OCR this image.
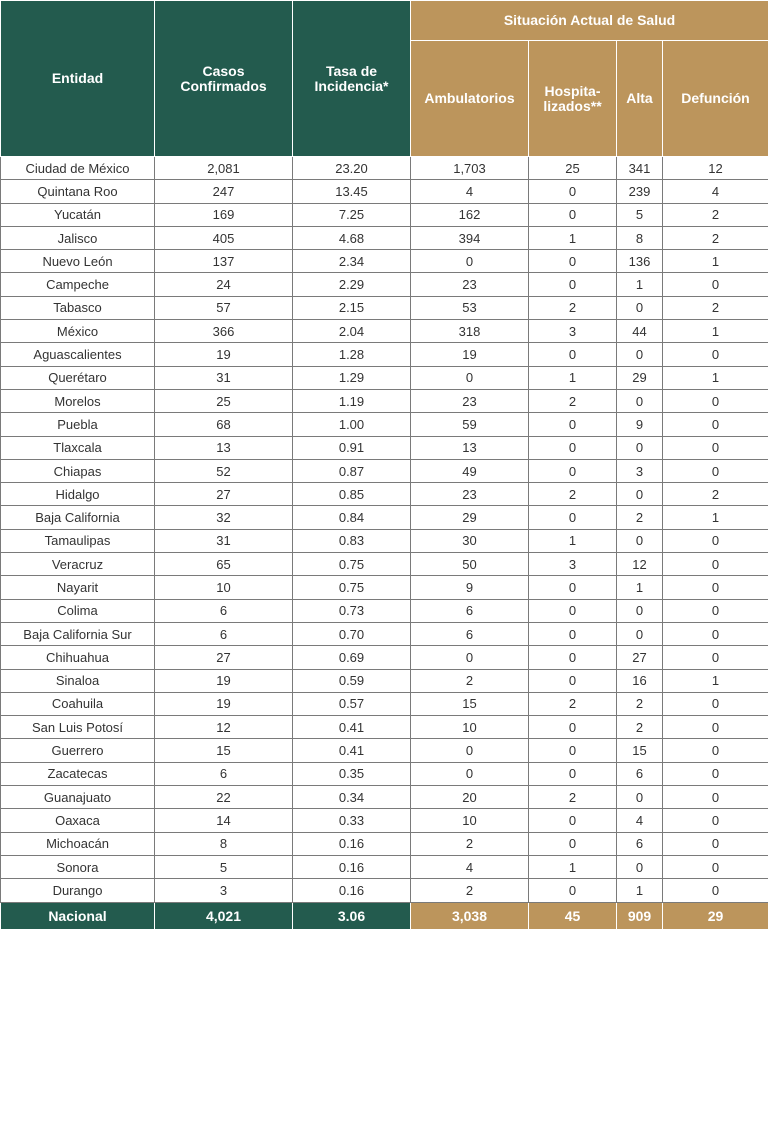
Entidad	Casos Confirmados	Tasa de Incidencia*	Situación Actual de Salud			
			Ambulatorios	Hospita-lizados**	Alta	Defunción
Ciudad de México	2,081	23.20	1,703	25	341	12
Quintana Roo	247	13.45	4	0	239	4
Yucatán	169	7.25	162	0	5	2
Jalisco	405	4.68	394	1	8	2
Nuevo León	137	2.34	0	0	136	1
Campeche	24	2.29	23	0	1	0
Tabasco	57	2.15	53	2	0	2
México	366	2.04	318	3	44	1
Aguascalientes	19	1.28	19	0	0	0
Querétaro	31	1.29	0	1	29	1
Morelos	25	1.19	23	2	0	0
Puebla	68	1.00	59	0	9	0
Tlaxcala	13	0.91	13	0	0	0
Chiapas	52	0.87	49	0	3	0
Hidalgo	27	0.85	23	2	0	2
Baja California	32	0.84	29	0	2	1
Tamaulipas	31	0.83	30	1	0	0
Veracruz	65	0.75	50	3	12	0
Nayarit	10	0.75	9	0	1	0
Colima	6	0.73	6	0	0	0
Baja California Sur	6	0.70	6	0	0	0
Chihuahua	27	0.69	0	0	27	0
Sinaloa	19	0.59	2	0	16	1
Coahuila	19	0.57	15	2	2	0
San Luis Potosí	12	0.41	10	0	2	0
Guerrero	15	0.41	0	0	15	0
Zacatecas	6	0.35	0	0	6	0
Guanajuato	22	0.34	20	2	0	0
Oaxaca	14	0.33	10	0	4	0
Michoacán	8	0.16	2	0	6	0
Sonora	5	0.16	4	1	0	0
Durango	3	0.16	2	0	1	0
Nacional	4,021	3.06	3,038	45	909	29
